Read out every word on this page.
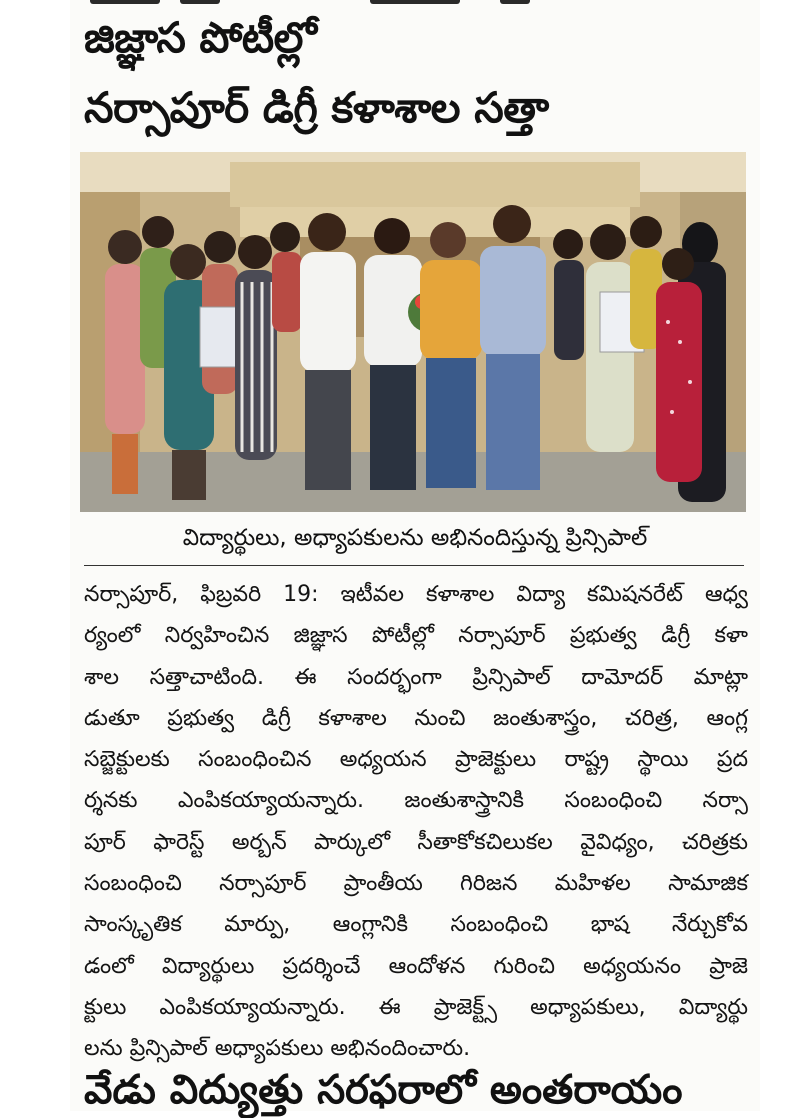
జిజ్ఞాస పోటీల్లో
నర్సాపూర్ డిగ్రీ కళాశాల సత్తా
విద్యార్థులు, అధ్యాపకులను అభినందిస్తున్న ప్రిన్సిపాల్
నర్సాపూర్, ఫిబ్రవరి 19: ఇటీవల కళాశాల విద్యా కమిషనరేట్ ఆధ్వ
ర్యంలో నిర్వహించిన జిజ్ఞాస పోటీల్లో నర్సాపూర్ ప్రభుత్వ డిగ్రీ కళా
శాల సత్తాచాటింది. ఈ సందర్భంగా ప్రిన్సిపాల్ దామోదర్ మాట్లా
డుతూ ప్రభుత్వ డిగ్రీ కళాశాల నుంచి జంతుశాస్త్రం, చరిత్ర, ఆంగ్ల
సబ్జెక్టులకు సంబంధించిన అధ్యయన ప్రాజెక్టులు రాష్ట్ర స్థాయి ప్రద
ర్శనకు ఎంపికయ్యాయన్నారు. జంతుశాస్త్రానికి సంబంధించి నర్సా
పూర్ ఫారెస్ట్ అర్బన్ పార్కులో సీతాకోకచిలుకల వైవిధ్యం, చరిత్రకు
సంబంధించి నర్సాపూర్ ప్రాంతీయ గిరిజన మహిళల సామాజిక
సాంస్కృతిక మార్పు, ఆంగ్లానికి సంబంధించి భాష నేర్చుకోవ
డంలో విద్యార్థులు ప్రదర్శించే ఆందోళన గురించి అధ్యయనం ప్రాజె
క్టులు ఎంపికయ్యాయన్నారు. ఈ ప్రాజెక్ట్స్ అధ్యాపకులు, విద్యార్థు
లను ప్రిన్సిపాల్ అధ్యాపకులు అభినందించారు.
వేడు విద్యుత్తు సరఫరాలో అంతరాయం
